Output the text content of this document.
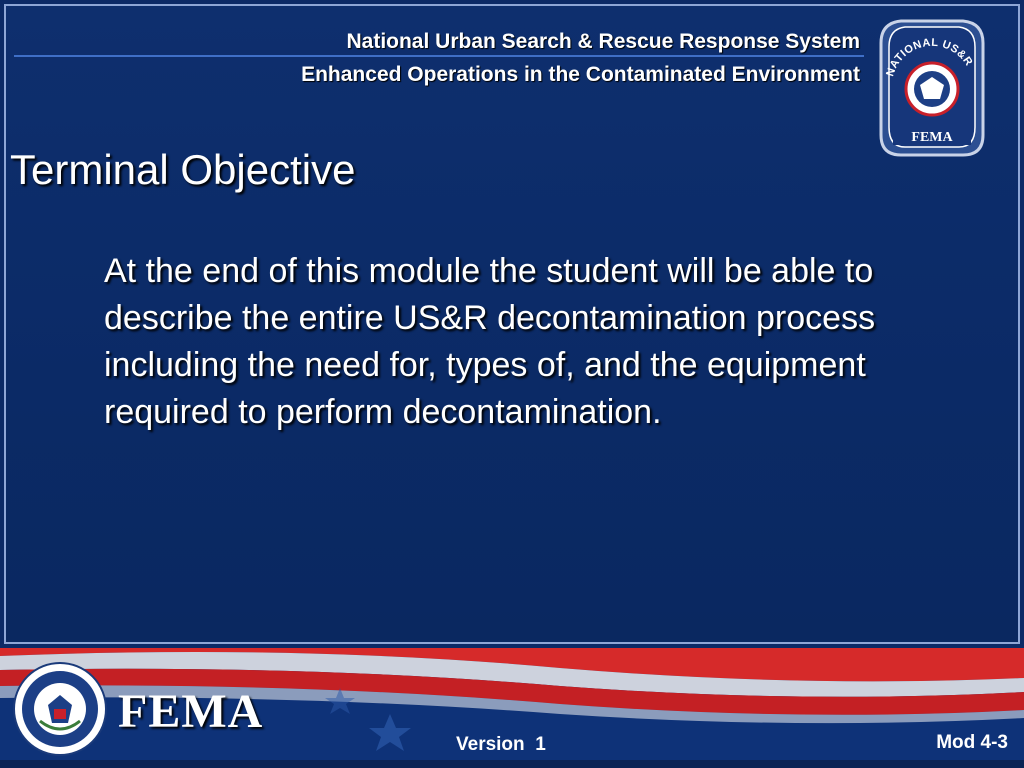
National Urban Search & Rescue Response System
Enhanced Operations in the Contaminated Environment NATIONAL US&R
FEMA
Terminal Objective
At the end of this module the student will be able to describe the entire US&R decontamination process including the need for, types of, and the equipment required to perform decontamination.
FEMA
Version  1	Mod 4-3
